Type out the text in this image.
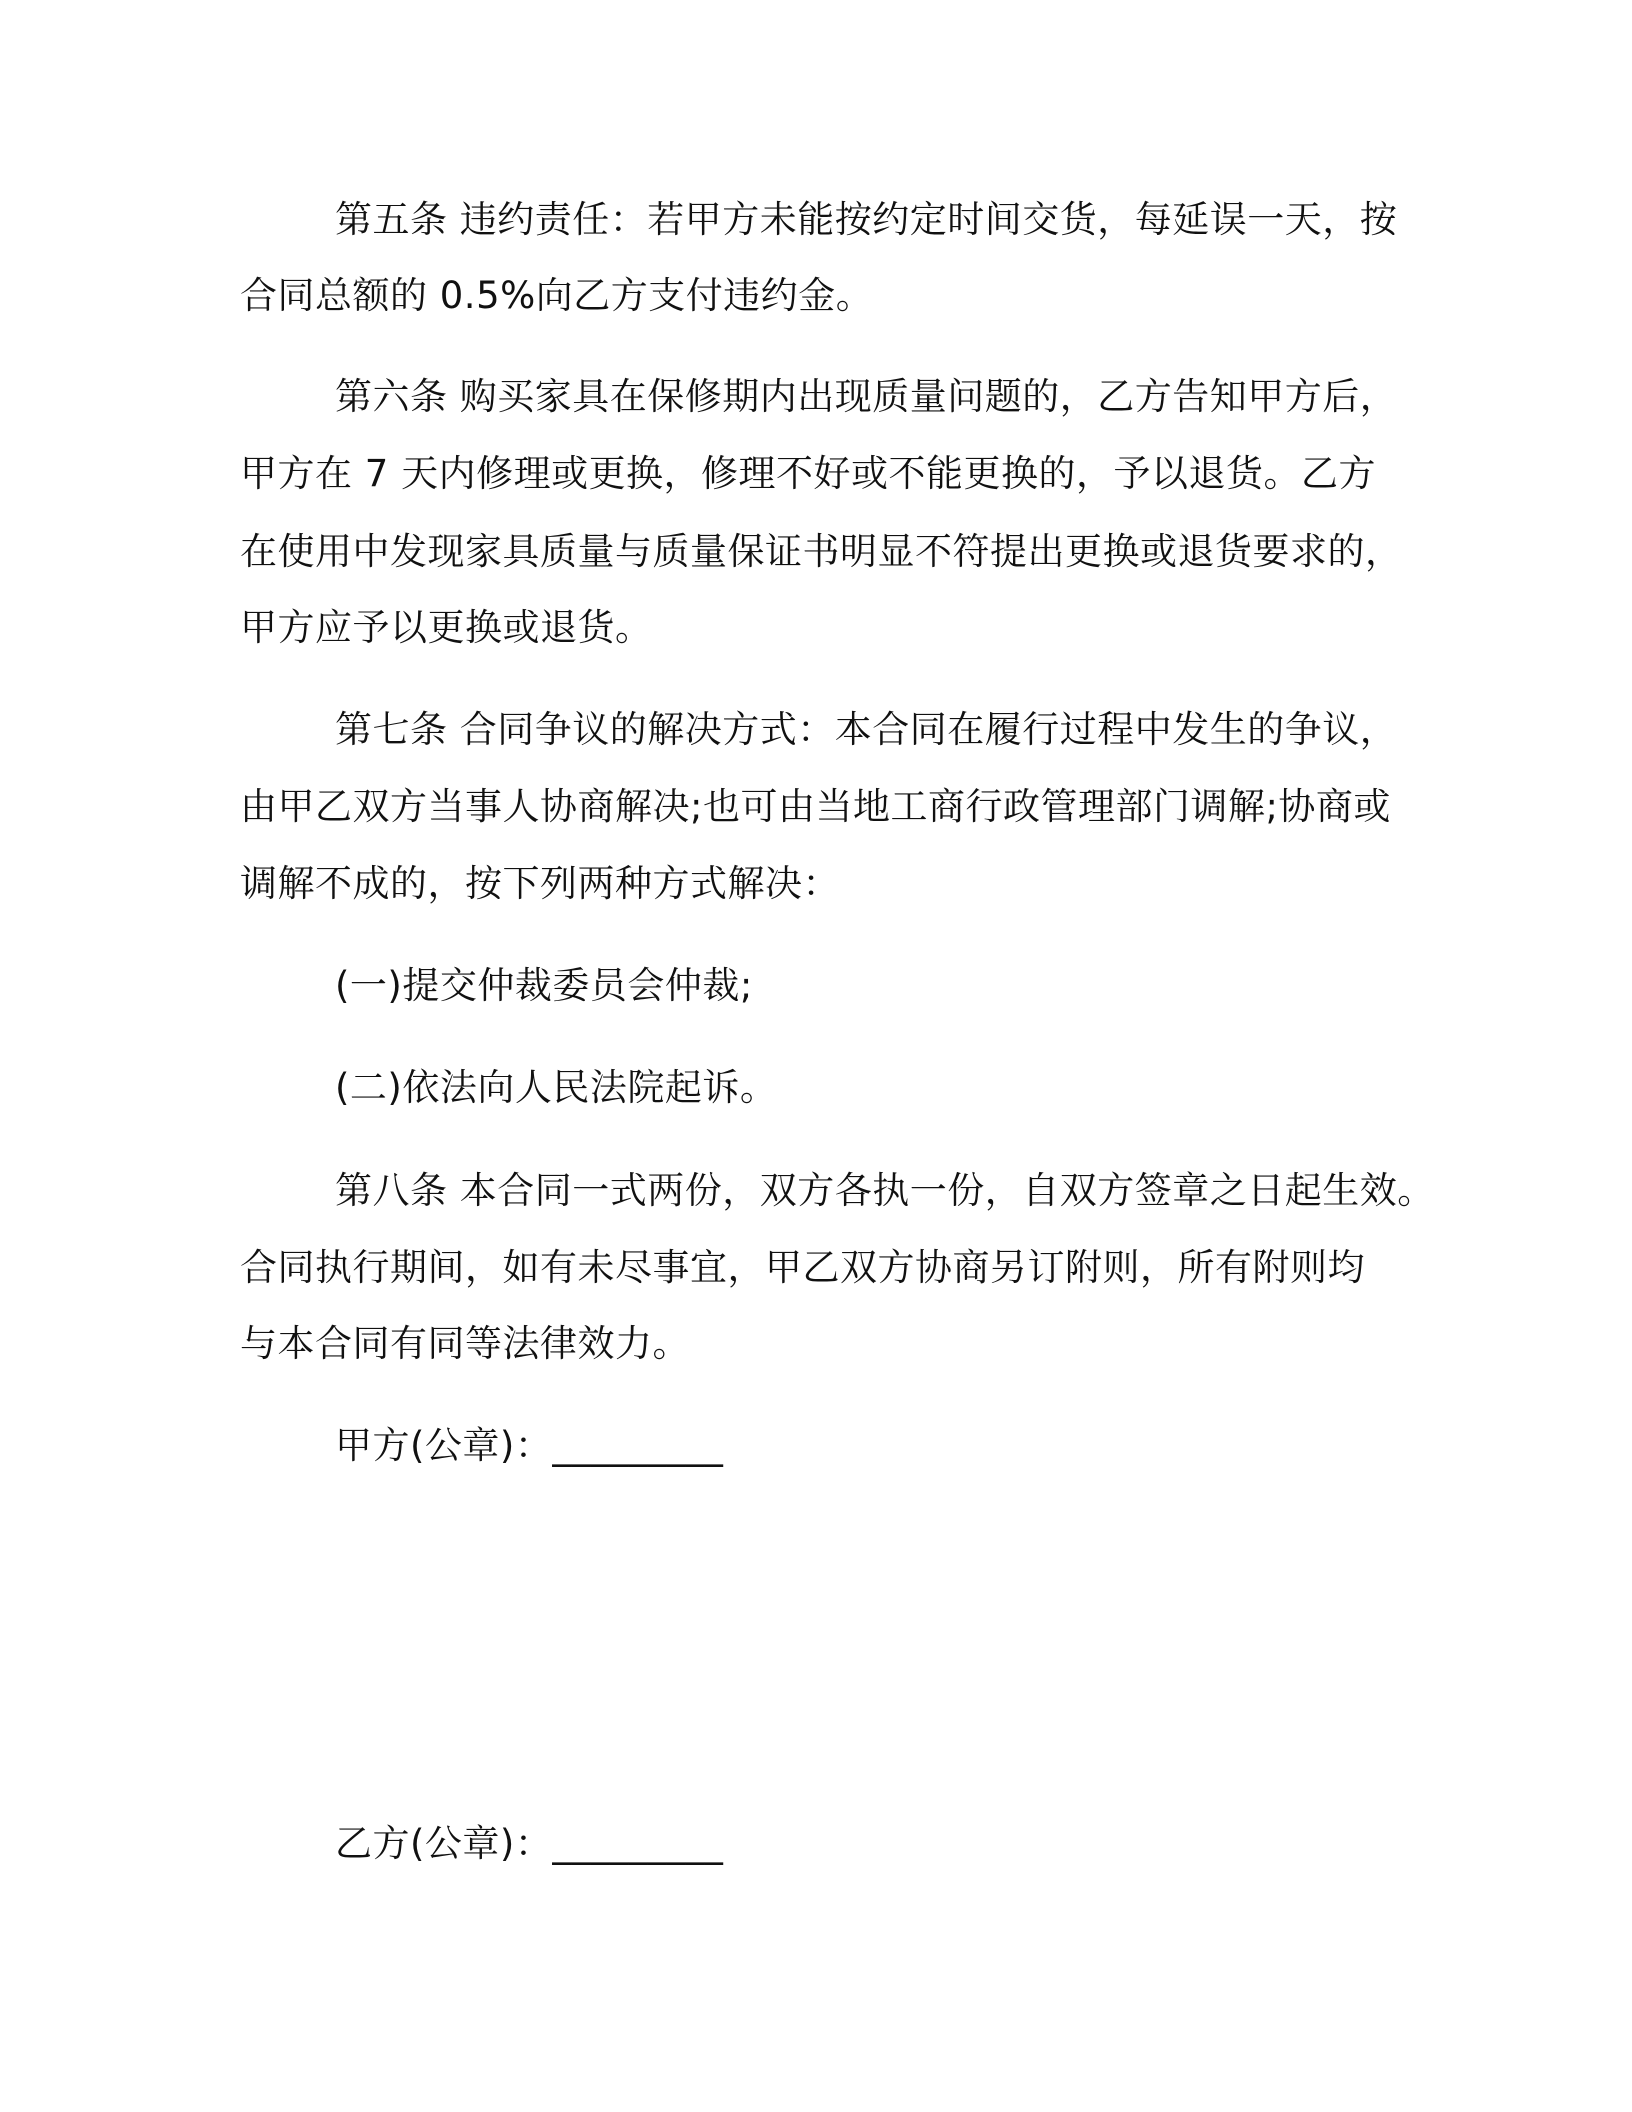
第五条 违约责任：若甲方未能按约定时间交货，每延误一天，按
合同总额的 0.5%向乙方支付违约金。
第六条 购买家具在保修期内出现质量问题的，乙方告知甲方后，
甲方在 7 天内修理或更换，修理不好或不能更换的，予以退货。乙方
在使用中发现家具质量与质量保证书明显不符提出更换或退货要求的，
甲方应予以更换或退货。
第七条 合同争议的解决方式：本合同在履行过程中发生的争议，
由甲乙双方当事人协商解决;也可由当地工商行政管理部门调解;协商或
调解不成的，按下列两种方式解决：
(一)提交仲裁委员会仲裁;
(二)依法向人民法院起诉。
第八条 本合同一式两份，双方各执一份，自双方签章之日起生效。
合同执行期间，如有未尽事宜，甲乙双方协商另订附则，所有附则均
与本合同有同等法律效力。
甲方(公章)：_________
乙方(公章)：_________
